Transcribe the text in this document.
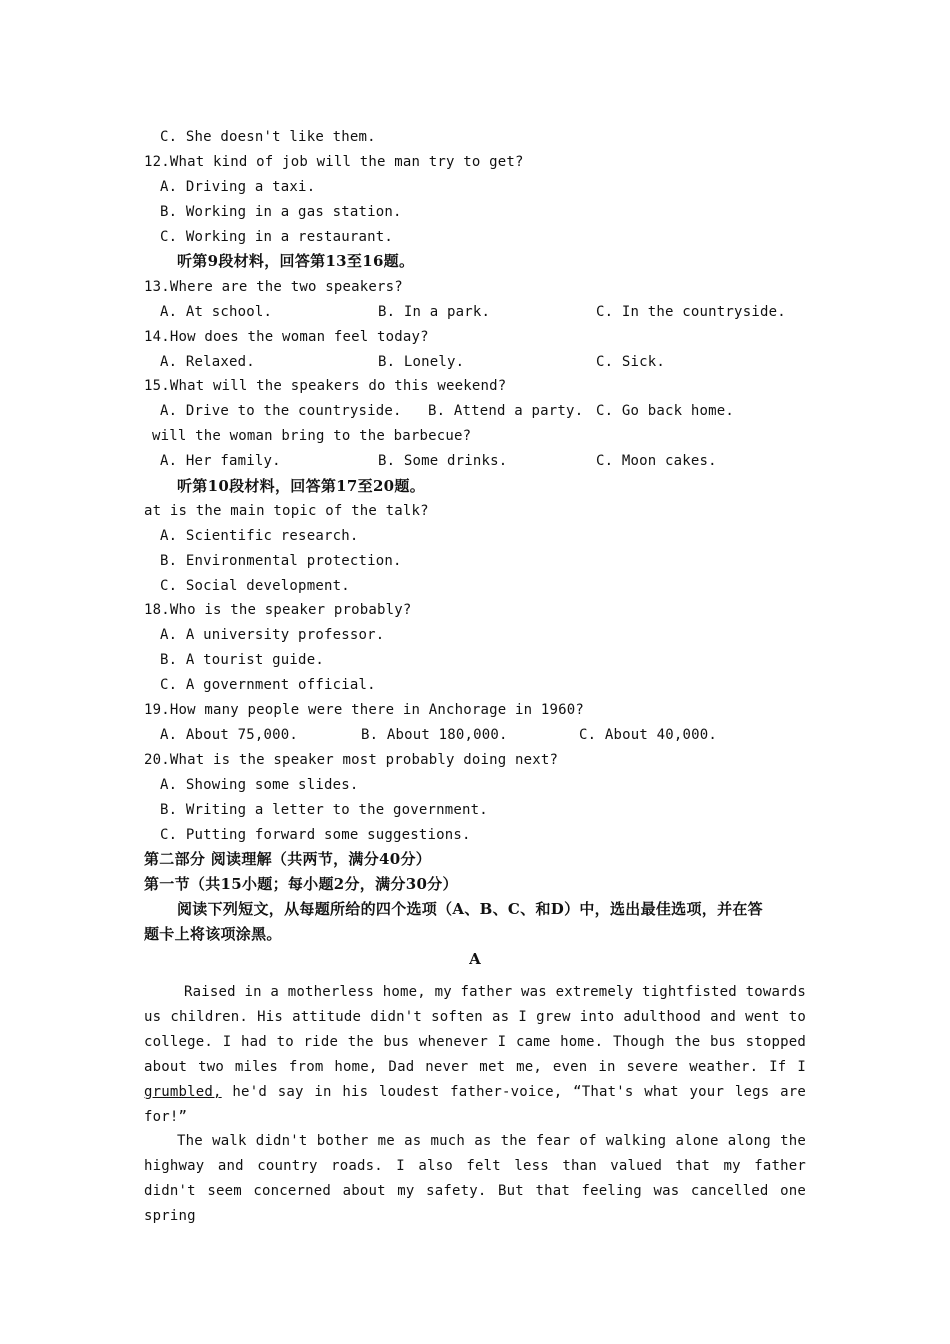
C. She doesn't like them.
12.What kind of job will the man try to get?
A. Driving a taxi.
B. Working in a gas station.
C. Working in a restaurant.
听第9段材料，回答第13至16题。
13.Where are the two speakers?
A. At school.	B. In a park.	C. In the countryside.
14.How does the woman feel today?
A. Relaxed.	B. Lonely.	C. Sick.
15.What will the speakers do this weekend?
A. Drive to the countryside. B. Attend a party. C. Go back home.
will the woman bring to the barbecue?
A. Her family.	B. Some drinks.	C. Moon cakes.
听第10段材料，回答第17至20题。
at is the main topic of the talk?
A. Scientific research.
B. Environmental protection.
C. Social development.
18.Who is the speaker probably?
A. A university professor.
B. A tourist guide.
C. A government official.
19.How many people were there in Anchorage in 1960?
A. About 75,000.	B. About 180,000.	C. About 40,000.
20.What is the speaker most probably doing next?
A. Showing some slides.
B. Writing a letter to the government.
C. Putting forward some suggestions.
第二部分 阅读理解（共两节，满分40分）
第一节（共15小题；每小题2分，满分30分）
阅读下列短文，从每题所给的四个选项（A、B、C、和D）中，选出最佳选项，并在答
题卡上将该项涂黑。
A
Raised in a motherless home, my father was extremely tightfisted towards us children. His attitude didn't soften as I grew into adulthood and went to college. I had to ride the bus whenever I came home. Though the bus stopped about two miles from home, Dad never met me, even in severe weather. If I grumbled, he'd say in his loudest father-voice, “That's what your legs are for!”
The walk didn't bother me as much as the fear of walking alone along the highway and country roads. I also felt less than valued that my father didn't seem concerned about my safety. But that feeling was cancelled one spring
